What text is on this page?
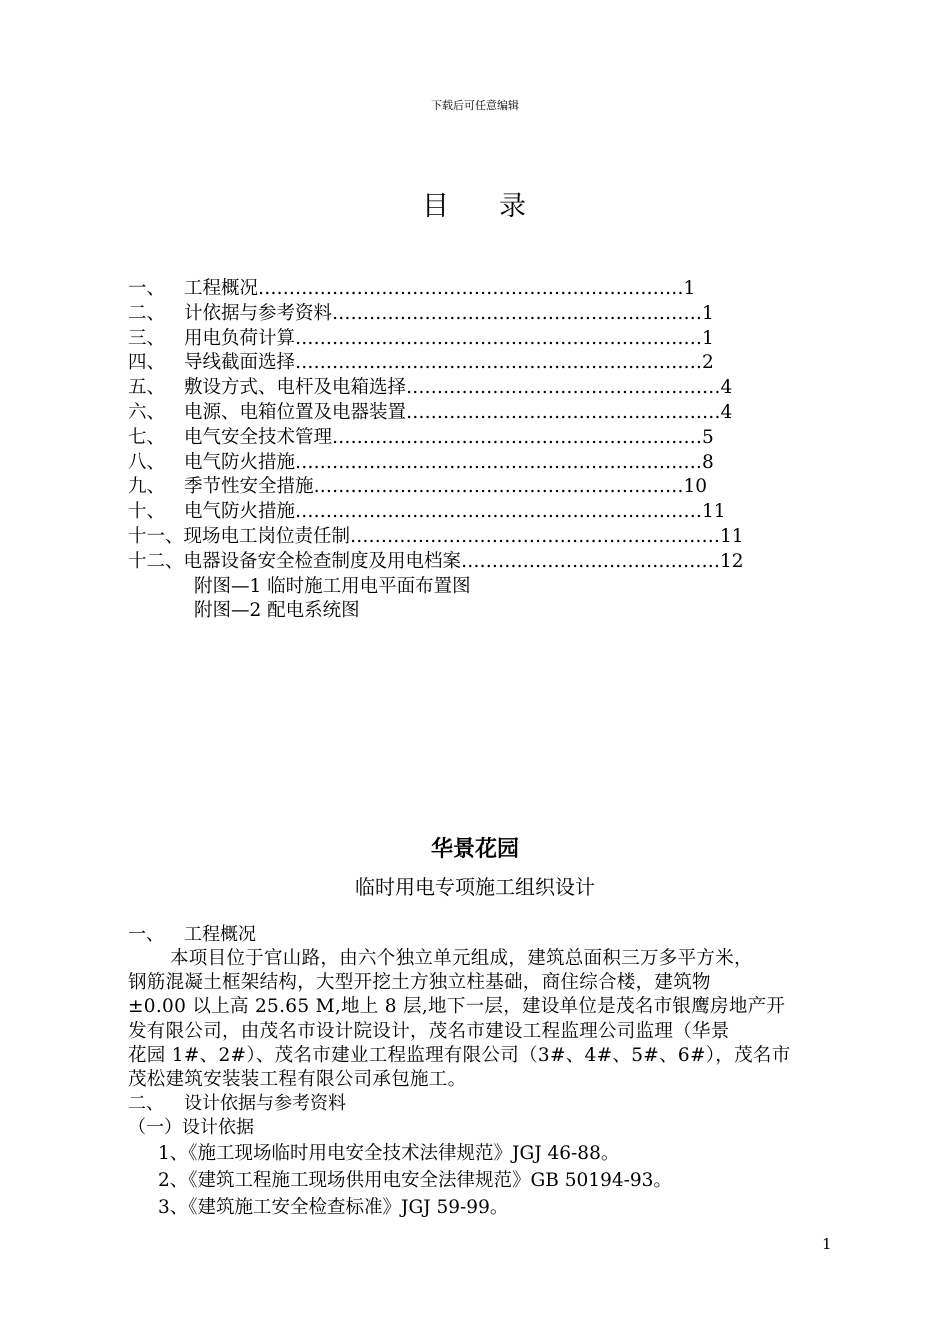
下载后可任意编辑
目 录
一、	工程概况 …………………………………………………………… 1
二、	计依据与参考资料 …………………………………………………… 1
三、	用电负荷计算 ………………………………………………………… 1
四、	导线截面选择 ………………………………………………………… 2
五、	敷设方式、电杆及电箱选择 …………………………………………… 4
六、	电源、电箱位置及电器装置 …………………………………………… 4
七、	电气安全技术管理 …………………………………………………… 5
八、	电气防火措施 ………………………………………………………… 8
九、	季节性安全措施 …………………………………………………… 10
十、	电气防火措施 ………………………………………………………… 11
十一、 现场电工岗位责任制 …………………………………………………… 11
十二、 电器设备安全检查制度及用电档案 …………………………………… 12
附图—1 临时施工用电平面布置图
附图—2 配电系统图
华景花园
临时用电专项施工组织设计
一、 工程概况
本项目位于官山路，由六个独立单元组成，建筑总面积三万多平方米，
钢筋混凝土框架结构，大型开挖土方独立柱基础，商住综合楼，建筑物
±0.00 以上高 25.65 M,地上 8 层,地下一层，建设单位是茂名市银鹰房地产开
发有限公司，由茂名市设计院设计，茂名市建设工程监理公司监理（华景
花园 1#、2#）、茂名市建业工程监理有限公司（3#、4#、5#、6#），茂名市
茂松建筑安装装工程有限公司承包施工。
二、 设计依据与参考资料
（一）设计依据
1、《施工现场临时用电安全技术法律规范》JGJ 46-88。
2、《建筑工程施工现场供用电安全法律规范》GB 50194-93。
3、《建筑施工安全检查标准》JGJ 59-99。
1
